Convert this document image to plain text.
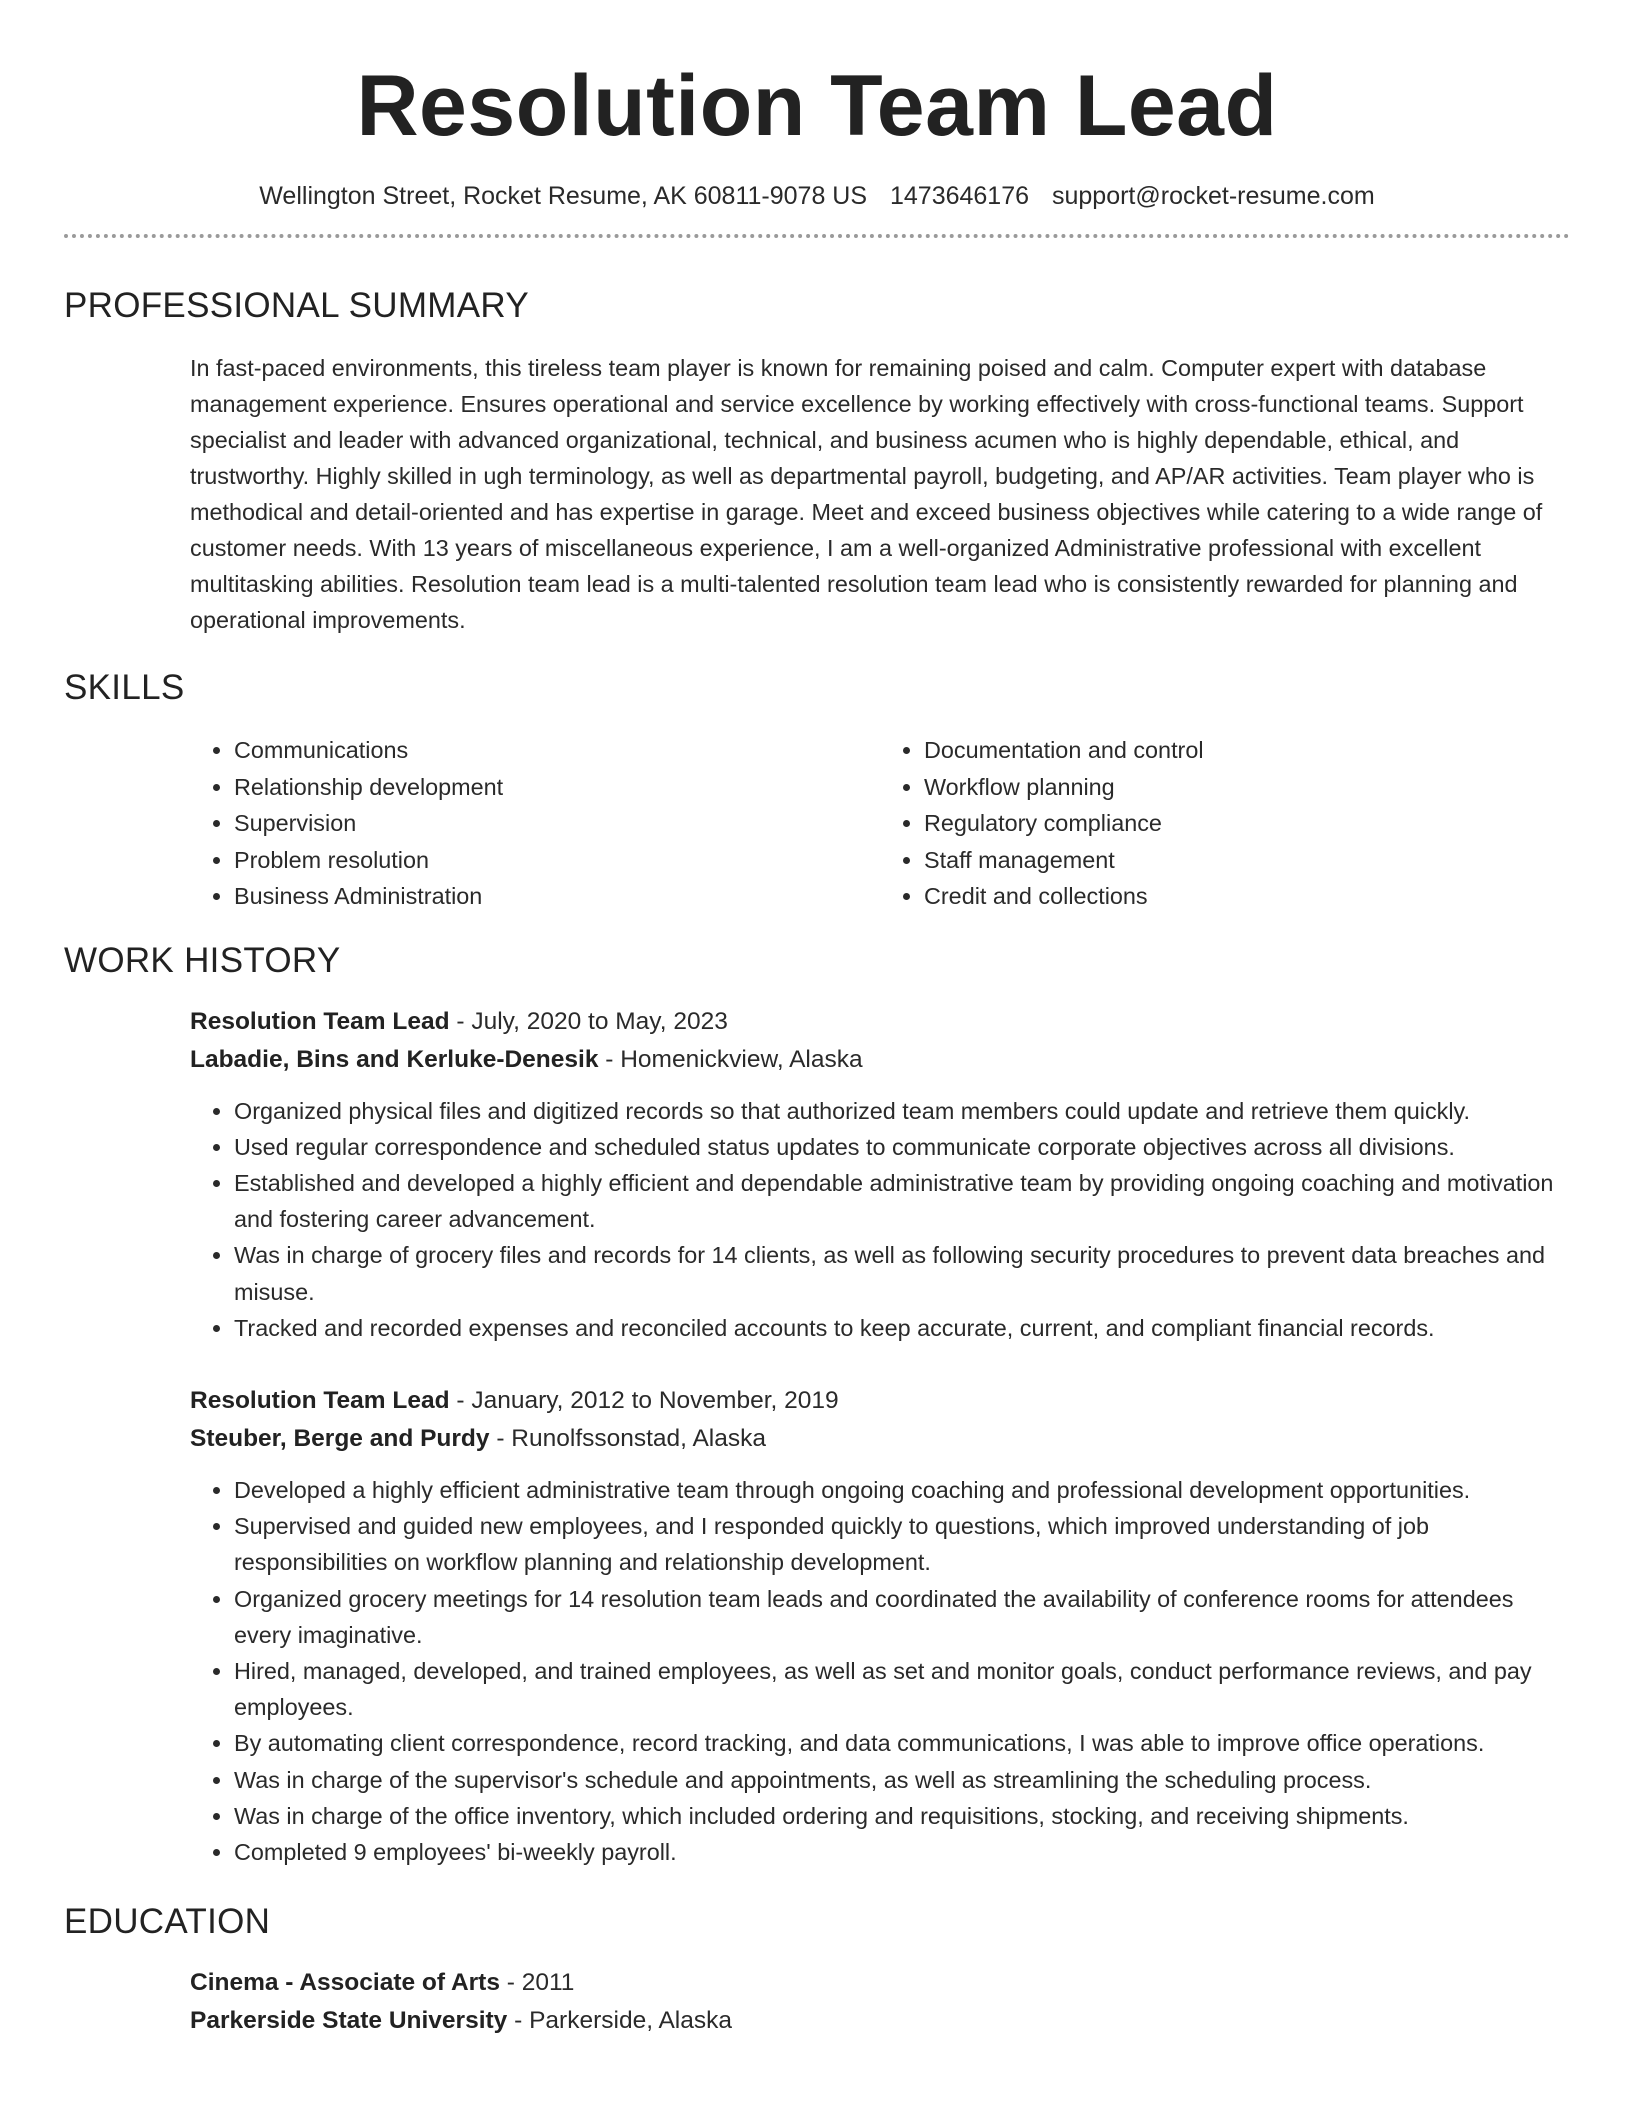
Resolution Team Lead
Wellington Street, Rocket Resume, AK 60811-9078 US 1473646176 support@rocket-resume.com
PROFESSIONAL SUMMARY
In fast-paced environments, this tireless team player is known for remaining poised and calm. Computer expert with database management experience. Ensures operational and service excellence by working effectively with cross-functional teams. Support specialist and leader with advanced organizational, technical, and business acumen who is highly dependable, ethical, and trustworthy. Highly skilled in ugh terminology, as well as departmental payroll, budgeting, and AP/AR activities. Team player who is methodical and detail-oriented and has expertise in garage. Meet and exceed business objectives while catering to a wide range of customer needs. With 13 years of miscellaneous experience, I am a well-organized Administrative professional with excellent multitasking abilities. Resolution team lead is a multi-talented resolution team lead who is consistently rewarded for planning and operational improvements.
SKILLS
• Communications
• Relationship development
• Supervision
• Problem resolution
• Business Administration
• Documentation and control
• Workflow planning
• Regulatory compliance
• Staff management
• Credit and collections
WORK HISTORY
Resolution Team Lead - July, 2020 to May, 2023
Labadie, Bins and Kerluke-Denesik - Homenickview, Alaska
• Organized physical files and digitized records so that authorized team members could update and retrieve them quickly.
• Used regular correspondence and scheduled status updates to communicate corporate objectives across all divisions.
• Established and developed a highly efficient and dependable administrative team by providing ongoing coaching and motivation and fostering career advancement.
• Was in charge of grocery files and records for 14 clients, as well as following security procedures to prevent data breaches and misuse.
• Tracked and recorded expenses and reconciled accounts to keep accurate, current, and compliant financial records.
Resolution Team Lead - January, 2012 to November, 2019
Steuber, Berge and Purdy - Runolfssonstad, Alaska
• Developed a highly efficient administrative team through ongoing coaching and professional development opportunities.
• Supervised and guided new employees, and I responded quickly to questions, which improved understanding of job responsibilities on workflow planning and relationship development.
• Organized grocery meetings for 14 resolution team leads and coordinated the availability of conference rooms for attendees every imaginative.
• Hired, managed, developed, and trained employees, as well as set and monitor goals, conduct performance reviews, and pay employees.
• By automating client correspondence, record tracking, and data communications, I was able to improve office operations.
• Was in charge of the supervisor's schedule and appointments, as well as streamlining the scheduling process.
• Was in charge of the office inventory, which included ordering and requisitions, stocking, and receiving shipments.
• Completed 9 employees' bi-weekly payroll.
EDUCATION
Cinema - Associate of Arts - 2011
Parkerside State University - Parkerside, Alaska
